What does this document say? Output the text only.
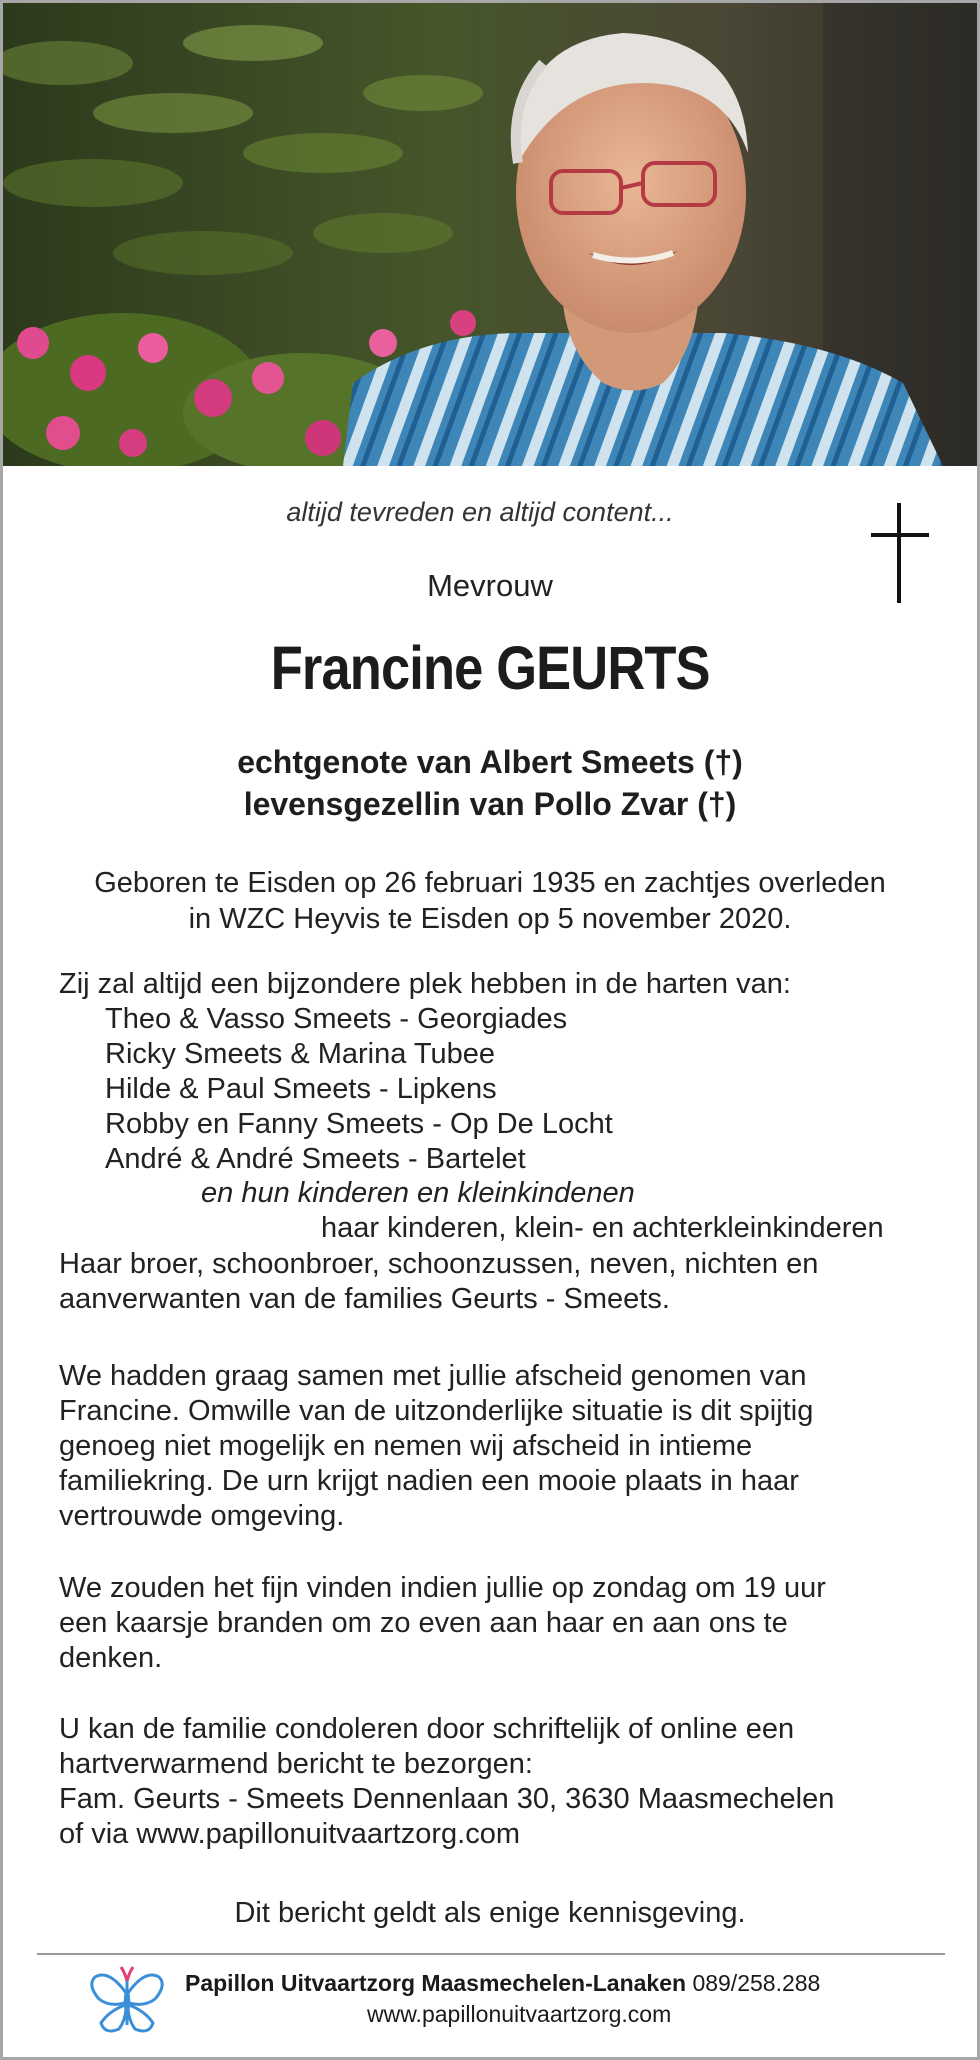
altijd tevreden en altijd content...
Mevrouw
Francine GEURTS
echtgenote van Albert Smeets (†)
levensgezellin van Pollo Zvar (†)
Geboren te Eisden op 26 februari 1935 en zachtjes overleden
in WZC Heyvis te Eisden op 5 november 2020.
Zij zal altijd een bijzondere plek hebben in de harten van:
Theo & Vasso Smeets - Georgiades
Ricky Smeets & Marina Tubee
Hilde & Paul Smeets - Lipkens
Robby en Fanny Smeets - Op De Locht
André & André Smeets - Bartelet
en hun kinderen en kleinkindenen
haar kinderen, klein- en achterkleinkinderen
Haar broer, schoonbroer, schoonzussen, neven, nichten en
aanverwanten van de families Geurts - Smeets.
We hadden graag samen met jullie afscheid genomen van
Francine. Omwille van de uitzonderlijke situatie is dit spijtig
genoeg niet mogelijk en nemen wij afscheid in intieme
familiekring. De urn krijgt nadien een mooie plaats in haar
vertrouwde omgeving.
We zouden het fijn vinden indien jullie op zondag om 19 uur
een kaarsje branden om zo even aan haar en aan ons te
denken.
U kan de familie condoleren door schriftelijk of online een
hartverwarmend bericht te bezorgen:
Fam. Geurts - Smeets Dennenlaan 30, 3630 Maasmechelen
of via www.papillonuitvaartzorg.com
Dit bericht geldt als enige kennisgeving.
Papillon Uitvaartzorg Maasmechelen-Lanaken 089/258.288
www.papillonuitvaartzorg.com
